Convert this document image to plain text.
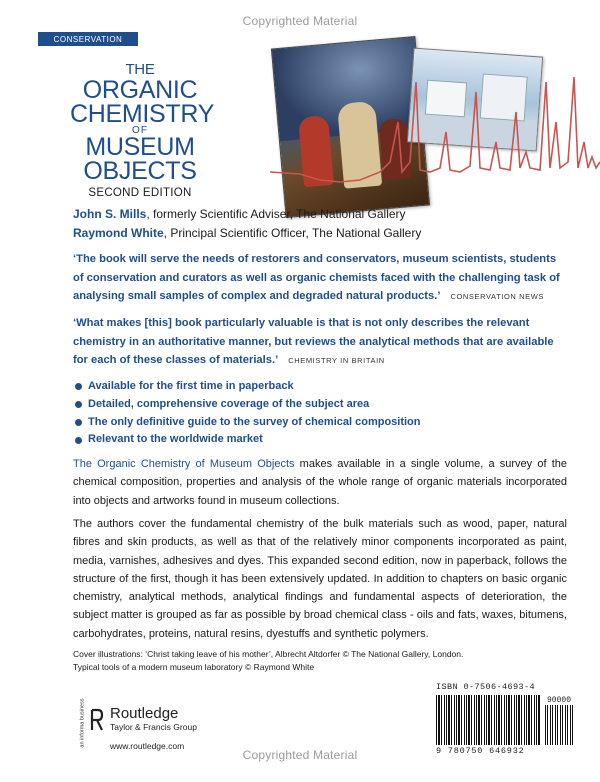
Copyrighted Material
CONSERVATION
THE
ORGANIC
CHEMISTRY
OF
MUSEUM
OBJECTS
SECOND EDITION
John S. Mills, formerly Scientific Adviser, The National Gallery
Raymond White, Principal Scientific Officer, The National Gallery
‘The book will serve the needs of restorers and conservators, museum scientists, students of conservation and curators as well as organic chemists faced with the challenging task of analysing small samples of complex and degraded natural products.’ CONSERVATION NEWS
‘What makes [this] book particularly valuable is that is not only describes the relevant chemistry in an authoritative manner, but reviews the analytical methods that are available for each of these classes of materials.’ CHEMISTRY IN BRITAIN
Available for the first time in paperback
Detailed, comprehensive coverage of the subject area
The only definitive guide to the survey of chemical composition
Relevant to the worldwide market

The Organic Chemistry of Museum Objects makes available in a single volume, a survey of the chemical composition, properties and analysis of the whole range of organic materials incorporated into objects and artworks found in museum collections.

The authors cover the fundamental chemistry of the bulk materials such as wood, paper, natural fibres and skin products, as well as that of the relatively minor components incorporated as paint, media, varnishes, adhesives and dyes. This expanded second edition, now in paperback, follows the structure of the first, though it has been extensively updated. In addition to chapters on basic organic chemistry, analytical methods, analytical findings and fundamental aspects of deterioration, the subject matter is grouped as far as possible by broad chemical class - oils and fats, waxes, bitumens, carbohydrates, proteins, natural resins, dyestuffs and synthetic polymers.

Cover illustrations: ‘Christ taking leave of his mother’, Albrecht Altdorfer © The National Gallery, London.
Typical tools of a modern museum laboratory © Raymond White
an informa business Routledge
Taylor & Francis Group
www.routledge.com
ISBN 0-7506-4693-4
90000
9 780750 646932
Copyrighted Material
